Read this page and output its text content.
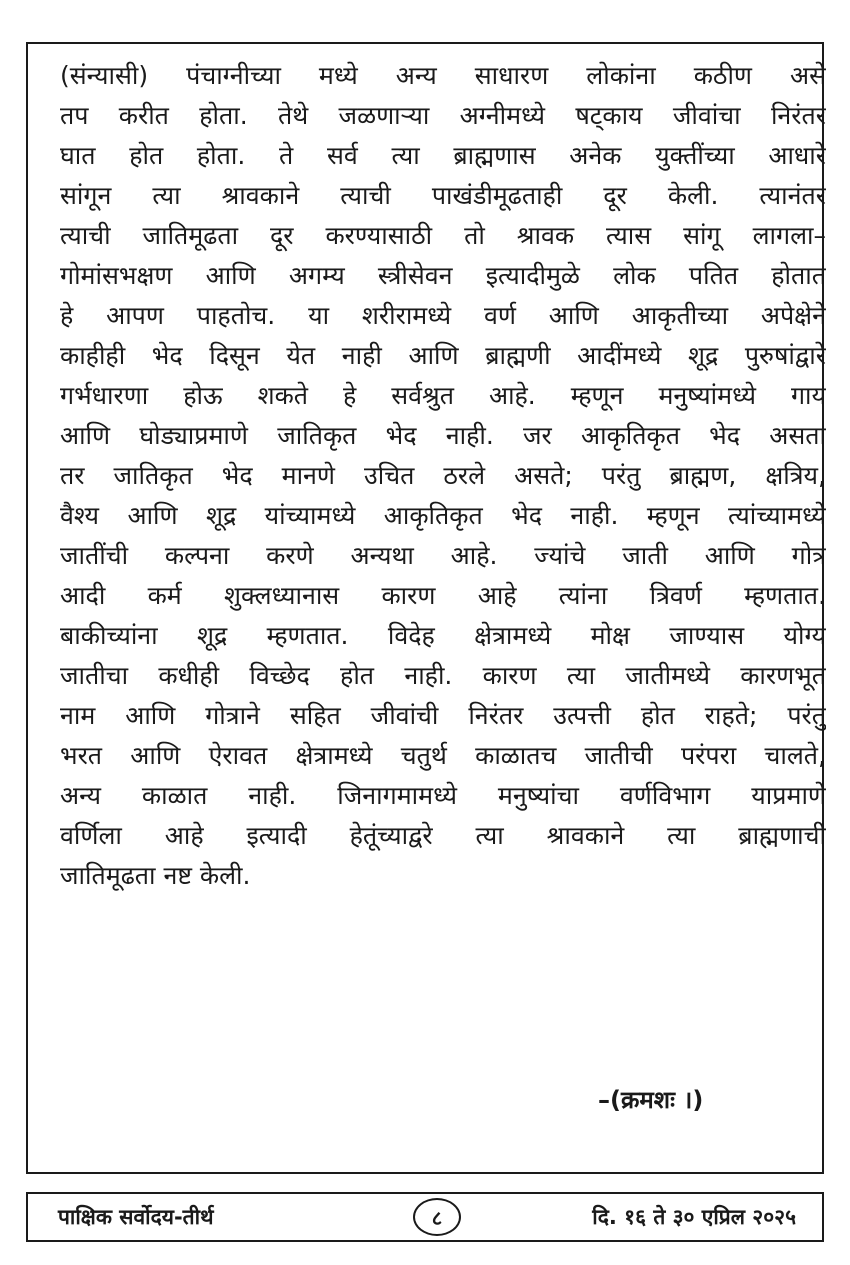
(संन्यासी) पंचाग्नीच्या मध्ये अन्य साधारण लोकांना कठीण असे
तप करीत होता. तेथे जळणाऱ्या अग्नीमध्ये षट्काय जीवांचा निरंतर
घात होत होता. ते सर्व त्या ब्राह्मणास अनेक युक्तींच्या आधारे
सांगून त्या श्रावकाने त्याची पाखंडीमूढताही दूर केली. त्यानंतर
त्याची जातिमूढता दूर करण्यासाठी तो श्रावक त्यास सांगू लागला–
गोमांसभक्षण आणि अगम्य स्त्रीसेवन इत्यादीमुळे लोक पतित होतात
हे आपण पाहतोच. या शरीरामध्ये वर्ण आणि आकृतीच्या अपेक्षेने
काहीही भेद दिसून येत नाही आणि ब्राह्मणी आदींमध्ये शूद्र पुरुषांद्वारे
गर्भधारणा होऊ शकते हे सर्वश्रुत आहे. म्हणून मनुष्यांमध्ये गाय
आणि घोड्याप्रमाणे जातिकृत भेद नाही. जर आकृतिकृत भेद असता
तर जातिकृत भेद मानणे उचित ठरले असते; परंतु ब्राह्मण, क्षत्रिय,
वैश्य आणि शूद्र यांच्यामध्ये आकृतिकृत भेद नाही. म्हणून त्यांच्यामध्ये
जातींची कल्पना करणे अन्यथा आहे. ज्यांचे जाती आणि गोत्र
आदी कर्म शुक्लध्यानास कारण आहे त्यांना त्रिवर्ण म्हणतात.
बाकीच्यांना शूद्र म्हणतात. विदेह क्षेत्रामध्ये मोक्ष जाण्यास योग्य
जातीचा कधीही विच्छेद होत नाही. कारण त्या जातीमध्ये कारणभूत
नाम आणि गोत्राने सहित जीवांची निरंतर उत्पत्ती होत राहते; परंतु
भरत आणि ऐरावत क्षेत्रामध्ये चतुर्थ काळातच जातीची परंपरा चालते,
अन्य काळात नाही. जिनागमामध्ये मनुष्यांचा वर्णविभाग याप्रमाणे
वर्णिला आहे इत्यादी हेतूंच्याद्वरे त्या श्रावकाने त्या ब्राह्मणाची
जातिमूढता नष्ट केली.
–(क्रमशः ।)
पाक्षिक सर्वोदय-तीर्थ	८	दि. १६ ते ३० एप्रिल २०२५
